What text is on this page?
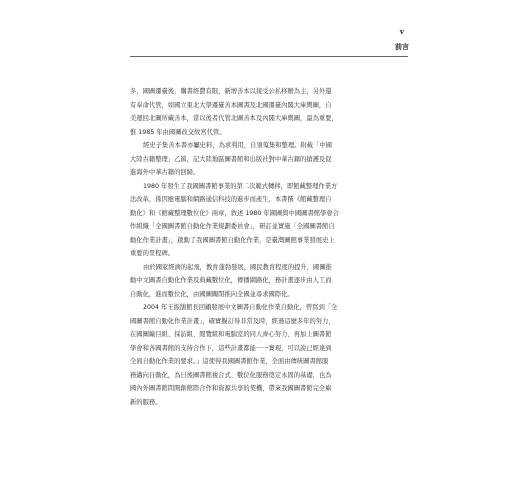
v
前言
多，國圖遷臺後，購書經費有限，新增善本以接受公私移贈為主，另外還
有奉命代管，如國立東北大學遷臺善本圖書及北國遷臺內閣大庫輿圖，自
美運回北圖所藏善本，當以後者代管北圖善本及內閣大庫輿圖，最為重要，
惟 1985 年由國圖改交故宮代管。
經史子集善本書亦屬史料，為求利用，自須蒐集和整理。附載「中國
大陸古籍整理」乙節，記大陸地區圖書館和出版社對中華古籍的搶護及促
進海外中華古籍的回歸。
1980 年發生了我國圖書館事業的第二次範式轉移，即館藏整理作業方
法改革，係因應電腦和網路通信科技的進步而產生，本書撰《館藏整理自
動化》和《館藏整理數位化》兩章，敘述 1980 年國圖與中國圖書館學會合
作組織「全國圖書館自動化作業規劃委員會」，研訂並實施「全國圖書館自
動化作業計畫」，啟動了我國圖書館自動化作業，是臺灣圖館事業發展史上
重要的里程碑。
由於國家經濟的起飛，教育蓬勃發展，國民教育程度的提升，國圖推
動中文圖書自動化作業及典藏數位化，傳播網路化，務計畫逐步由人工而
自動化，進而數位化，由國圖關閉推向全國並尋求國際化。
2004 年王振鵠館長回顧發展中文圖書自動化作業自動化，曾寫到「全
國圖書館自動化作業計畫」，確實擬訂得非常及時，經過這麼多年的努力，
在國圖編目組、採訪組、閱覽組和電腦室的同人齊心努力，再加上圖書館
學會和各國書館的支持合作下，這些計畫都能一一實現，可以說已經達到
全面自動化作業的要求。」這使得我國圖書館作業，全面由傳統圖書館服
務邁向自動化，為日後圖書館複合式、數位化服務奠定永固的基礎，也為
國內外圖書館間開創館際合作和資源共享的契機，帶來我國圖書館完全嶄
新的服務。
